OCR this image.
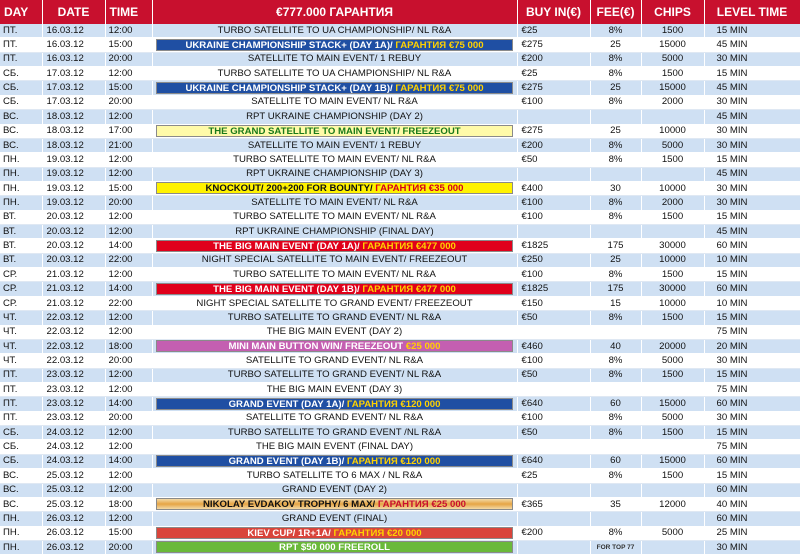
DAY	DATE	TIME	€777.000 ГАРАНТИЯ	BUY IN(€)	FEE(€)	CHIPS	LEVEL TIME
ПТ.	16.03.12	12:00	TURBO SATELLITE TO UA CHAMPIONSHIP/ NL R&A	€25	8%	1500	15 MIN
ПТ.	16.03.12	15:00	UKRAINE CHAMPIONSHIP STACK+ (DAY 1A)/ ГАРАНТИЯ €75 000	€275	25	15000	45 MIN
ПТ.	16.03.12	20:00	SATELLITE TO MAIN EVENT/ 1 REBUY	€200	8%	5000	30 MIN
СБ.	17.03.12	12:00	TURBO SATELLITE TO UA CHAMPIONSHIP/ NL R&A	€25	8%	1500	15 MIN
СБ.	17.03.12	15:00	UKRAINE CHAMPIONSHIP STACK+ (DAY 1B)/ ГАРАНТИЯ €75 000	€275	25	15000	45 MIN
СБ.	17.03.12	20:00	SATELLITE TO MAIN EVENT/ NL R&A	€100	8%	2000	30 MIN
ВС.	18.03.12	12:00	RPT UKRAINE CHAMPIONSHIP (DAY 2)				45 MIN
ВС.	18.03.12	17:00	THE GRAND SATELLITE TO MAIN EVENT/ FREEZEOUT	€275	25	10000	30 MIN
ВС.	18.03.12	21:00	SATELLITE TO MAIN EVENT/ 1 REBUY	€200	8%	5000	30 MIN
ПН.	19.03.12	12:00	TURBO SATELLITE TO MAIN EVENT/ NL R&A	€50	8%	1500	15 MIN
ПН.	19.03.12	12:00	RPT UKRAINE CHAMPIONSHIP (DAY 3)				45 MIN
ПН.	19.03.12	15:00	KNOCKOUT/ 200+200 FOR BOUNTY/ ГАРАНТИЯ €35 000	€400	30	10000	30 MIN
ПН.	19.03.12	20:00	SATELLITE TO MAIN EVENT/ NL R&A	€100	8%	2000	30 MIN
ВТ.	20.03.12	12:00	TURBO SATELLITE TO MAIN EVENT/ NL R&A	€100	8%	1500	15 MIN
ВТ.	20.03.12	12:00	RPT UKRAINE CHAMPIONSHIP (FINAL DAY)				45 MIN
ВТ.	20.03.12	14:00	THE BIG MAIN EVENT (DAY 1A)/ ГАРАНТИЯ €477 000	€1825	175	30000	60 MIN
ВТ.	20.03.12	22:00	NIGHT SPECIAL SATELLITE TO MAIN EVENT/ FREEZEOUT	€250	25	10000	10 MIN
СР.	21.03.12	12:00	TURBO SATELLITE TO MAIN EVENT/ NL R&A	€100	8%	1500	15 MIN
СР.	21.03.12	14:00	THE BIG MAIN EVENT (DAY 1B)/ ГАРАНТИЯ €477 000	€1825	175	30000	60 MIN
СР.	21.03.12	22:00	NIGHT SPECIAL SATELLITE TO GRAND EVENT/ FREEZEOUT	€150	15	10000	10 MIN
ЧТ.	22.03.12	12:00	TURBO SATELLITE TO GRAND EVENT/ NL R&A	€50	8%	1500	15 MIN
ЧТ.	22.03.12	12:00	THE BIG MAIN EVENT (DAY 2)				75 MIN
ЧТ.	22.03.12	18:00	MINI MAIN BUTTON WIN/ FREEZEOUT €25 000	€460	40	20000	20 MIN
ЧТ.	22.03.12	20:00	SATELLITE TO GRAND EVENT/ NL R&A	€100	8%	5000	30 MIN
ПТ.	23.03.12	12:00	TURBO SATELLITE TO GRAND EVENT/ NL R&A	€50	8%	1500	15 MIN
ПТ.	23.03.12	12:00	THE BIG MAIN EVENT (DAY 3)				75 MIN
ПТ.	23.03.12	14:00	GRAND EVENT (DAY 1A)/ ГАРАНТИЯ €120 000	€640	60	15000	60 MIN
ПТ.	23.03.12	20:00	SATELLITE TO GRAND EVENT/ NL R&A	€100	8%	5000	30 MIN
СБ.	24.03.12	12:00	TURBO SATELLITE TO GRAND EVENT /NL R&A	€50	8%	1500	15 MIN
СБ.	24.03.12	12:00	THE BIG MAIN EVENT (FINAL DAY)				75 MIN
СБ.	24.03.12	14:00	GRAND EVENT (DAY 1B)/ ГАРАНТИЯ €120 000	€640	60	15000	60 MIN
ВС.	25.03.12	12:00	TURBO SATELLITE TO 6 MAX / NL R&A	€25	8%	1500	15 MIN
ВС.	25.03.12	12:00	GRAND EVENT (DAY 2)				60 MIN
ВС.	25.03.12	18:00	NIKOLAY EVDAKOV TROPHY/ 6 MAX/ ГАРАНТИЯ €25 000	€365	35	12000	40 MIN
ПН.	26.03.12	12:00	GRAND EVENT (FINAL)				60 MIN
ПН.	26.03.12	15:00	KIEV CUP/ 1R+1A/ ГАРАНТИЯ €20 000	€200	8%	5000	25 MIN
ПН.	26.03.12	20:00	RPT $50 000 FREEROLL		FOR TOP 77		30 MIN
